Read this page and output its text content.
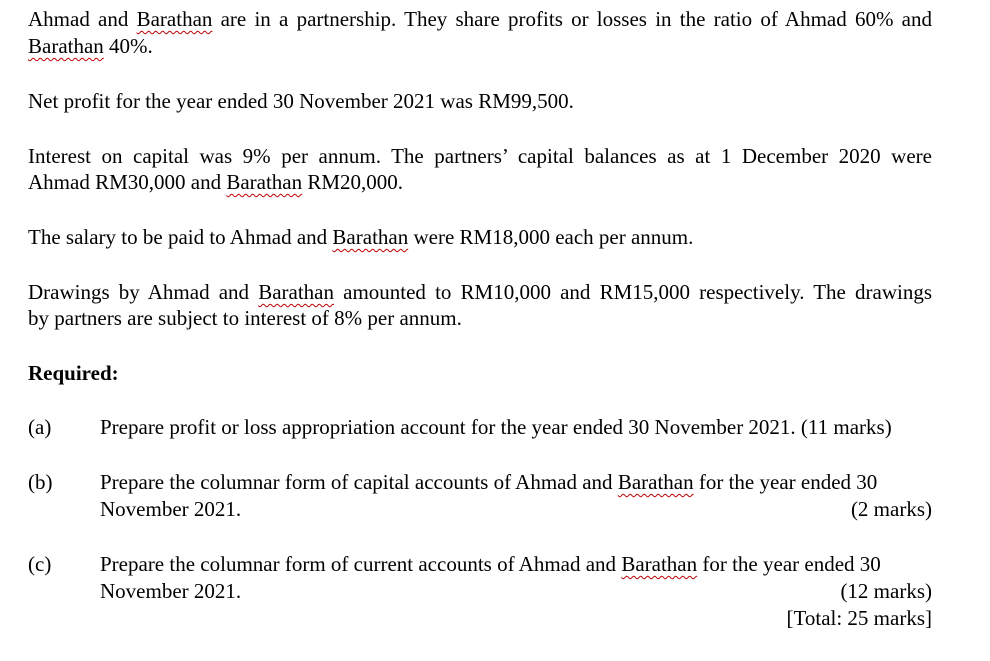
Ahmad and Barathan are in a partnership. They share profits or losses in the ratio of Ahmad 60% and
Barathan 40%.
Net profit for the year ended 30 November 2021 was RM99,500.
Interest on capital was 9% per annum. The partners’ capital balances as at 1 December 2020 were
Ahmad RM30,000 and Barathan RM20,000.
The salary to be paid to Ahmad and Barathan were RM18,000 each per annum.
Drawings by Ahmad and Barathan amounted to RM10,000 and RM15,000 respectively. The drawings
by partners are subject to interest of 8% per annum.
Required:
(a) Prepare profit or loss appropriation account for the year ended 30 November 2021. (11 marks)
(b) Prepare the columnar form of capital accounts of Ahmad and Barathan for the year ended 30
November 2021.	(2 marks)
(c) Prepare the columnar form of current accounts of Ahmad and Barathan for the year ended 30
November 2021.	(12 marks)
[Total: 25 marks]
